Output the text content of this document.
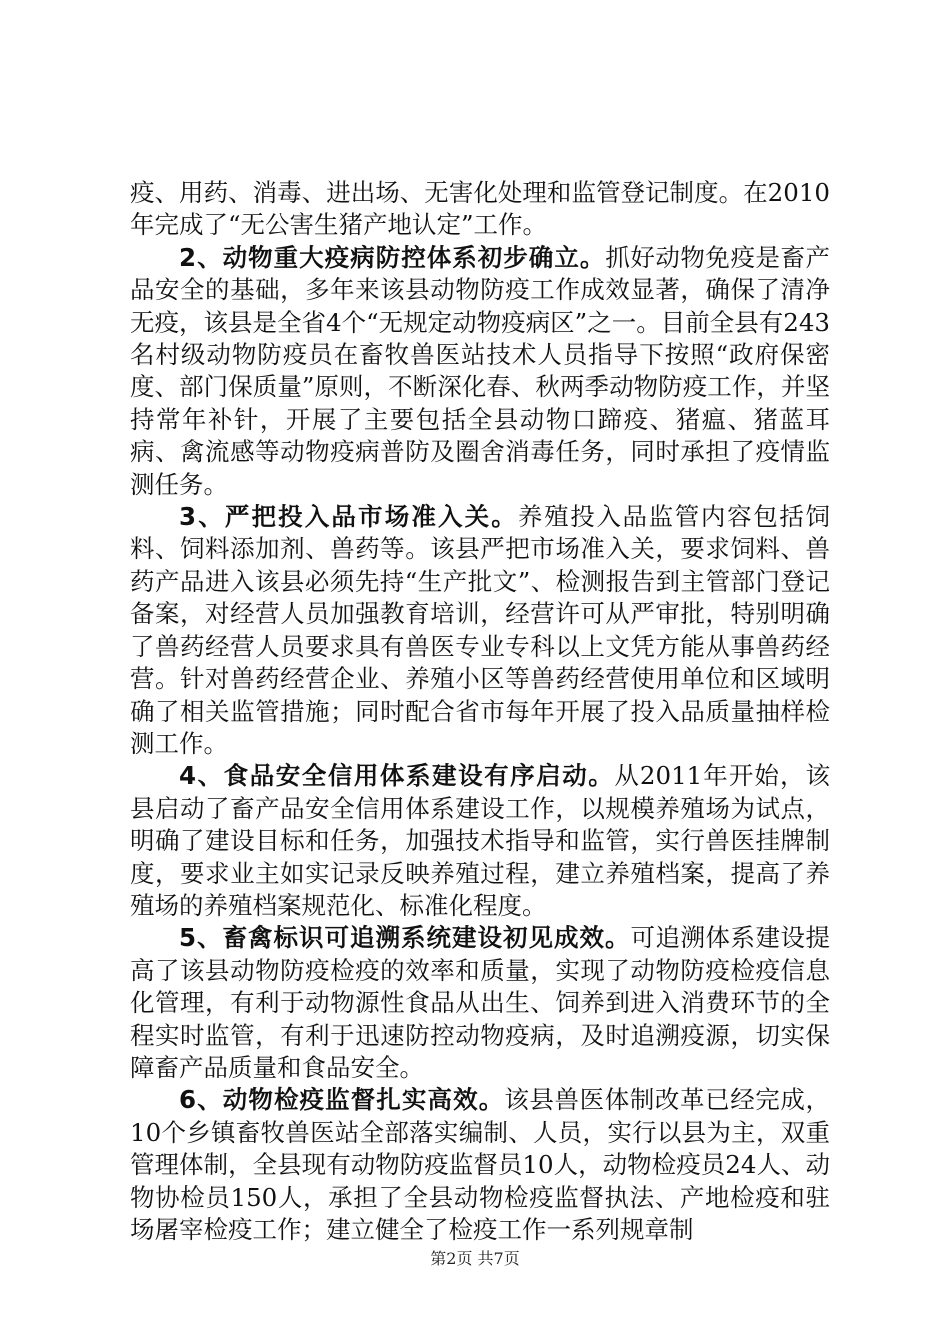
疫、用药、消毒、进出场、无害化处理和监管登记制度。在2010年完成了“无公害生猪产地认定”工作。

2、动物重大疫病防控体系初步确立。抓好动物免疫是畜产品安全的基础，多年来该县动物防疫工作成效显著，确保了清净无疫，该县是全省4个“无规定动物疫病区”之一。目前全县有243名村级动物防疫员在畜牧兽医站技术人员指导下按照“政府保密度、部门保质量”原则，不断深化春、秋两季动物防疫工作，并坚持常年补针，开展了主要包括全县动物口蹄疫、猪瘟、猪蓝耳病、禽流感等动物疫病普防及圈舍消毒任务，同时承担了疫情监测任务。

3、严把投入品市场准入关。养殖投入品监管内容包括饲料、饲料添加剂、兽药等。该县严把市场准入关，要求饲料、兽药产品进入该县必须先持“生产批文”、检测报告到主管部门登记备案，对经营人员加强教育培训，经营许可从严审批，特别明确了兽药经营人员要求具有兽医专业专科以上文凭方能从事兽药经营。针对兽药经营企业、养殖小区等兽药经营使用单位和区域明确了相关监管措施；同时配合省市每年开展了投入品质量抽样检测工作。

4、食品安全信用体系建设有序启动。从2011年开始，该县启动了畜产品安全信用体系建设工作，以规模养殖场为试点，明确了建设目标和任务，加强技术指导和监管，实行兽医挂牌制度，要求业主如实记录反映养殖过程，建立养殖档案，提高了养殖场的养殖档案规范化、标准化程度。

5、畜禽标识可追溯系统建设初见成效。可追溯体系建设提高了该县动物防疫检疫的效率和质量，实现了动物防疫检疫信息化管理，有利于动物源性食品从出生、饲养到进入消费环节的全程实时监管，有利于迅速防控动物疫病，及时追溯疫源，切实保障畜产品质量和食品安全。

6、动物检疫监督扎实高效。该县兽医体制改革已经完成，10个乡镇畜牧兽医站全部落实编制、人员，实行以县为主，双重管理体制，全县现有动物防疫监督员10人，动物检疫员24人、动物协检员150人，承担了全县动物检疫监督执法、产地检疫和驻场屠宰检疫工作；建立健全了检疫工作一系列规章制

第2页 共7页
